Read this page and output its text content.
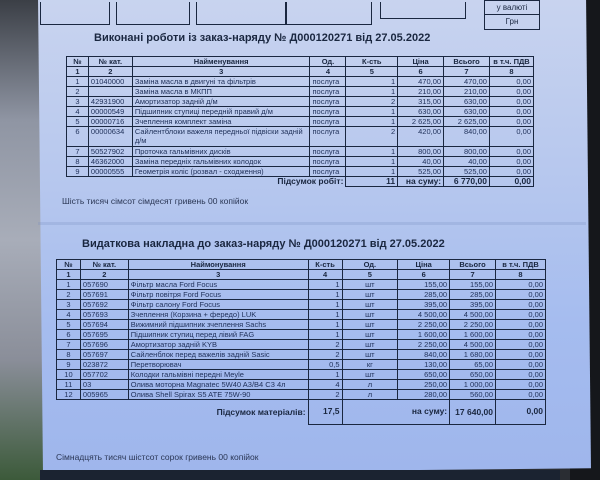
у валюті
Грн
Виконані роботи із заказ-наряду № Д000120271 від 27.05.2022
№	№ кат.	Найменування	Од.	К-сть	Ціна	Всього	в т.ч. ПДВ
1	2	3	4	5	6	7	8
1	01040000	Заміна масла в двигуні та фільтрів	послуга	1	470,00	470,00	0,00
2		Заміна масла в МКПП	послуга	1	210,00	210,00	0,00
3	42931900	Амортизатор задній д/м	послуга	2	315,00	630,00	0,00
4	00000549	Підшипник ступиці передній правий д/м	послуга	1	630,00	630,00	0,00
5	00000716	Зчеплення комплект заміна	послуга	1	2 625,00	2 625,00	0,00
6	00000634	Сайлентблоки важеля передньої підвіски задній д/м	послуга	2	420,00	840,00	0,00
7	50527902	Проточка гальмівних дисків	послуга	1	800,00	800,00	0,00
8	46362000	Заміна передніх гальмівних колодок	послуга	1	40,00	40,00	0,00
9	00000555	Геометрія коліс (розвал - сходження)	послуга	1	525,00	525,00	0,00
Підсумок робіт:				11	на суму:	6 770,00	0,00
Шість тисяч сімсот сімдесят гривень 00 копійок
Видаткова накладна до заказ-наряду № Д000120271 від 27.05.2022
№	№ кат.	Наймонування	К-сть	Од.	Ціна	Всього	в т.ч. ПДВ
1	2	3	4	5	6	7	8
1	057690	Фільтр масла Ford Focus	1	шт	155,00	155,00	0,00
2	057691	Фільтр повітря Ford Focus	1	шт	285,00	285,00	0,00
3	057692	Фільтр салону Ford Focus	1	шт	395,00	395,00	0,00
4	057693	Зчеплення (Корзина + фередо) LUK	1	шт	4 500,00	4 500,00	0,00
5	057694	Вижимний підшипник зчеплення Sachs	1	шт	2 250,00	2 250,00	0,00
6	057695	Підшипник ступиц перед лівий FAG	1	шт	1 600,00	1 600,00	0,00
7	057696	Амортизатор задній KYB	2	шт	2 250,00	4 500,00	0,00
8	057697	Сайленблок перед важелів задній Sasic	2	шт	840,00	1 680,00	0,00
9	023872	Перетворювач	0,5	кг	130,00	65,00	0,00
10	057702	Колодки гальмівні передні Meyle	1	шт	650,00	650,00	0,00
11	03	Олива моторна Magnatec 5W40 A3/B4 C3 4л	4	л	250,00	1 000,00	0,00
12	005965	Олива Shell Spirax S5 ATE 75W-90	2	л	280,00	560,00	0,00
Підсумок матеріалів:			17,5	на суму:		17 640,00	0,00
Сімнадцять тисяч шістсот сорок гривень 00 копійок
